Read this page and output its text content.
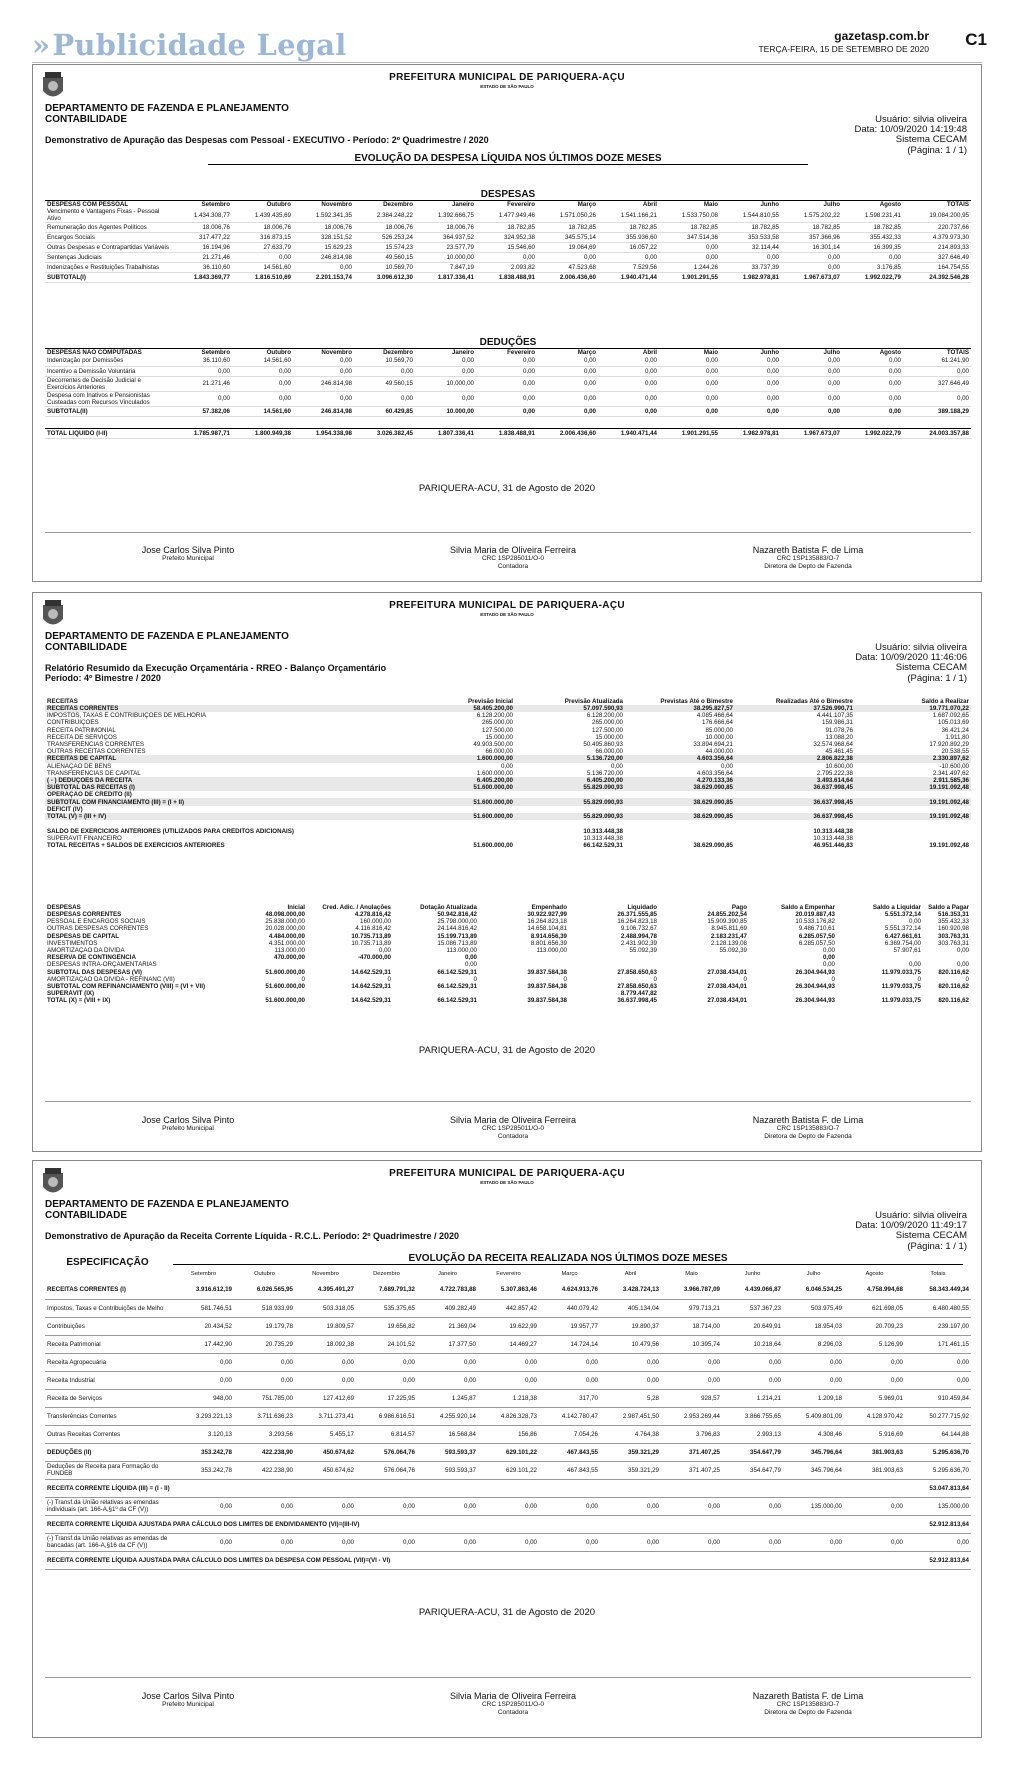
»Publicidade Legal	gazetasp.com.br
TERÇA-FEIRA, 15 DE SETEMBRO DE 2020 C1
PREFEITURA MUNICIPAL DE PARIQUERA-AÇU
ESTADO DE SÃO PAULO
DEPARTAMENTO DE FAZENDA E PLANEJAMENTO
CONTABILIDADE	Usuário: silvia oliveira
Data: 10/09/2020 14:19:48
Sistema CECAM
(Página: 1 / 1)
Demonstrativo de Apuração das Despesas com Pessoal - EXECUTIVO - Período: 2º Quadrimestre / 2020
EVOLUÇÃO DA DESPESA LÍQUIDA NOS ÚLTIMOS DOZE MESES
DESPESAS
DESPESAS COM PESSOAL	Setembro	Outubro	Novembro	Dezembro	Janeiro	Fevereiro	Março	Abril	Maio	Junho	Julho	Agosto	TOTAIS
Vencimento e Vantagens Fixas - Pessoal Ativo	1.434.308,77	1.439.435,69	1.592.341,35	2.384.248,22	1.392.666,75	1.477.949,46	1.571.050,26	1.541.166,21	1.533.750,08	1.544.810,55	1.575.202,22	1.598.231,41	19.084.200,95
Remuneração dos Agentes Políticos	18.006,76	18.006,76	18.006,76	18.006,76	18.006,76	18.782,85	18.782,85	18.782,85	18.782,85	18.782,85	18.782,85	18.782,85	220.737,66
Encargos Sociais	317.477,22	316.873,15	328.151,52	526.253,24	364.937,52	324.952,38	345.575,14	355.936,60	347.514,36	353.533,58	357.366,96	355.432,33	4.379.973,30
Outras Despesas e Contrapartidas Variáveis	16.194,96	27.633,79	15.629,23	15.574,23	23.577,79	15.546,60	19.064,69	16.057,22	0,00	32.114,44	16.301,14	16.399,35	214.893,33
Sentenças Judiciais	21.271,46	0,00	246.814,98	49.560,15	10.000,00	0,00	0,00	0,00	0,00	0,00	0,00	0,00	327.646,49
Indenizações e Restituições Trabalhistas	36.110,60	14.561,60	0,00	10.569,70	7.847,19	2.093,82	47.523,68	7.529,56	1.244,26	33.737,39	0,00	3.176,85	164.754,55
SUBTOTAL(I)	1.843.369,77	1.816.510,69	2.201.153,74	3.096.612,30	1.817.336,41	1.838.488,91	2.006.436,60	1.940.471,44	1.901.291,55	1.982.978,81	1.967.673,07	1.992.022,79	24.392.546,28
DEDUÇÕES
DESPESAS NÃO COMPUTADAS	Setembro	Outubro	Novembro	Dezembro	Janeiro	Fevereiro	Março	Abril	Maio	Junho	Julho	Agosto	TOTAIS
Indenização por Demissões	36.110,60	14.561,60	0,00	10.569,70	0,00	0,00	0,00	0,00	0,00	0,00	0,00	0,00	61.241,90
Incentivo a Demissão Voluntária	0,00	0,00	0,00	0,00	0,00	0,00	0,00	0,00	0,00	0,00	0,00	0,00	0,00
Decorrentes de Decisão Judicial e Exercícios Anteriores	21.271,46	0,00	246.814,98	49.560,15	10.000,00	0,00	0,00	0,00	0,00	0,00	0,00	0,00	327.646,49
Despesa com Inativos e Pensionistas Custeadas com Recursos Vinculados	0,00	0,00	0,00	0,00	0,00	0,00	0,00	0,00	0,00	0,00	0,00	0,00	0,00
SUBTOTAL(II)	57.382,06	14.561,60	246.814,98	60.429,85	10.000,00	0,00	0,00	0,00	0,00	0,00	0,00	0,00	389.188,29

TOTAL LIQUIDO (I-II)	1.785.987,71	1.800.949,38	1.954.338,98	3.026.382,45	1.807.336,41	1.838.488,91	2.006.436,60	1.940.471,44	1.901.291,55	1.982.978,81	1.967.673,07	1.992.022,79	24.003.357,88
PARIQUERA-ACU, 31 de Agosto de 2020
Jose Carlos Silva Pinto
Prefeito Municipal
Silvia Maria de Oliveira Ferreira
CRC 1SP285011/O-0
Contadora
Nazareth Batista F. de Lima
CRC 1SP135883/O-7
Diretora de Depto de Fazenda
PREFEITURA MUNICIPAL DE PARIQUERA-AÇU
ESTADO DE SÃO PAULO
DEPARTAMENTO DE FAZENDA E PLANEJAMENTO
CONTABILIDADE	Usuário: silvia oliveira
Data: 10/09/2020 11:46:06
Sistema CECAM
(Página: 1 / 1)
Relatório Resumido da Execução Orçamentária - RREO - Balanço Orçamentário
Período: 4º Bimestre / 2020
RECEITAS	Previsão Inicial	Previsão Atualizada	Previstas Até o Bimestre	Realizadas Até o Bimestre	Saldo a Realizar
RECEITAS CORRENTES	58.405.200,00	57.097.590,93	38.295.827,57	37.526.990,71	19.771.070,22
IMPOSTOS, TAXAS E CONTRIBUIÇÕES DE MELHORIA	6.128.200,00	6.128.200,00	4.085.466,64	4.441.107,35	1.687.092,65
CONTRIBUIÇÕES	265.000,00	265.000,00	176.666,64	159.986,31	105.013,69
RECEITA PATRIMONIAL	127.500,00	127.500,00	85.000,00	91.078,76	36.421,24
RECEITA DE SERVIÇOS	15.000,00	15.000,00	10.000,00	13.088,20	1.911,80
TRANSFERÊNCIAS CORRENTES	49.903.500,00	50.495.860,93	33.894.694,21	32.574.968,64	17.920.892,29
OUTRAS RECEITAS CORRENTES	66.000,00	66.000,00	44.000,00	45.461,45	20.538,55
RECEITAS DE CAPITAL	1.600.000,00	5.136.720,00	4.603.356,64	2.806.822,38	2.330.897,62
ALIENAÇÃO DE BENS	0,00	0,00	0,00	10.600,00	-10.600,00
TRANSFERÊNCIAS DE CAPITAL	1.600.000,00	5.136.720,00	4.603.356,64	2.795.222,38	2.341.497,62
( - ) DEDUÇÕES DA RECEITA	6.405.200,00	6.405.200,00	4.270.133,36	3.493.614,64	2.911.585,36
SUBTOTAL DAS RECEITAS (I)	51.600.000,00	55.829.090,93	38.629.090,85	36.637.998,45	19.191.092,48
OPERAÇÃO DE CRÉDITO (II)					
SUBTOTAL COM FINANCIAMENTO (III) = (I + II)	51.600.000,00	55.829.090,93	38.629.090,85	36.637.998,45	19.191.092,48
DEFICIT (IV)					
TOTAL (V) = (III + IV)	51.600.000,00	55.829.090,93	38.629.090,85	36.637.998,45	19.191.092,48

SALDO DE EXERCÍCIOS ANTERIORES (UTILIZADOS PARA CRÉDITOS ADICIONAIS)		10.313.448,38		10.313.448,38	
SUPERÁVIT FINANCEIRO		10.313.448,38		10.313.448,38	
TOTAL RECEITAS + SALDOS DE EXERCÍCIOS ANTERIORES	51.600.000,00	66.142.529,31	38.629.090,85	46.951.446,83	19.191.092,48
DESPESAS	Inicial	Cred. Adic. / Anulações	Dotação Atualizada	Empenhado	Liquidado	Pago	Saldo a Empenhar	Saldo a Liquidar	Saldo a Pagar
DESPESAS CORRENTES	48.098.000,00	4.278.816,42	50.942.816,42	30.922.927,99	26.371.555,85	24.855.202,54	20.019.887,43	5.551.372,14	516.353,31
PESSOAL E ENCARGOS SOCIAIS	25.838.000,00	160.000,00	25.798.000,00	16.264.823,18	16.264.823,18	15.909.390,85	10.533.176,82	0,00	355.432,33
OUTRAS DESPESAS CORRENTES	20.028.000,00	4.116.816,42	24.144.816,42	14.658.104,81	9.106.732,67	8.945.811,69	9.486.710,61	5.551.372,14	160.920,98
DESPESAS DE CAPITAL	4.484.000,00	10.735.713,89	15.199.713,89	8.914.656,39	2.488.994,78	2.183.231,47	6.285.057,50	6.427.661,61	303.763,31
INVESTIMENTOS	4.351.000,00	10.735.713,89	15.086.713,89	8.801.656,39	2.431.902,39	2.128.139,08	6.285.057,50	6.369.754,00	303.763,31
AMORTIZAÇÃO DA DÍVIDA	113.000,00	0,00	113.000,00	113.000,00	55.092,39	55.092,39	0,00	57.907,61	0,00
RESERVA DE CONTINGÊNCIA	470.000,00	-470.000,00	0,00				0,00		
DESPESAS INTRA-ORÇAMENTÁRIAS			0,00				0,00	0,00	0,00
SUBTOTAL DAS DESPESAS (VI)	51.600.000,00	14.642.529,31	66.142.529,31	39.837.584,38	27.858.650,63	27.038.434,01	26.304.944,93	11.979.033,75	820.116,62
AMORTIZAÇÃO DA DÍVIDA - REFINANC (VII)	0	0	0	0	0	0	0	0	0
SUBTOTAL COM REFINANCIAMENTO (VIII) = (VI + VII)	51.600.000,00	14.642.529,31	66.142.529,31	39.837.584,38	27.858.650,63	27.038.434,01	26.304.944,93	11.979.033,75	820.116,62
SUPERÁVIT (IX)					8.779.447,82				
TOTAL (X) = (VIII + IX)	51.600.000,00	14.642.529,31	66.142.529,31	39.837.584,38	36.637.998,45	27.038.434,01	26.304.944,93	11.979.033,75	820.116,62
PARIQUERA-ACU, 31 de Agosto de 2020
Jose Carlos Silva Pinto
Prefeito Municipal
Silvia Maria de Oliveira Ferreira
CRC 1SP285011/O-0
Contadora
Nazareth Batista F. de Lima
CRC 1SP135883/O-7
Diretora de Depto de Fazenda
PREFEITURA MUNICIPAL DE PARIQUERA-AÇU
ESTADO DE SÃO PAULO
DEPARTAMENTO DE FAZENDA E PLANEJAMENTO
CONTABILIDADE	Usuário: silvia oliveira
Data: 10/09/2020 11:49:17
Sistema CECAM
(Página: 1 / 1)
Demonstrativo de Apuração da Receita Corrente Líquida - R.C.L. Período: 2º Quadrimestre / 2020
ESPECIFICAÇÃO	EVOLUÇÃO DA RECEITA REALIZADA NOS ÚLTIMOS DOZE MESES
	Setembro	Outubro	Novembro	Dezembro	Janeiro	Fevereiro	Março	Abril	Maio	Junho	Julho	Agosto	Totais
RECEITAS CORRENTES (I)	3.916.612,19	6.026.565,95	4.395.491,27	7.689.791,32	4.722.783,88	5.307.863,46	4.624.913,76	3.428.724,13	3.966.787,09	4.439.066,87	6.046.534,25	4.758.994,68	58.343.449,34
Impostos, Taxas e Contribuições de Melho	581.746,51	518.933,99	503.318,05	535.375,65	409.282,49	442.857,42	440.079,42	405.134,04	979.713,21	537.367,23	503.975,49	621.698,05	6.480.480,55
Contribuições	20.434,52	19.179,78	19.809,57	19.656,82	21.369,04	19.622,99	19.957,77	19.890,37	18.714,00	20.649,91	18.954,03	20.709,23	239.197,00
Receita Patrimonial	17.442,90	20.735,29	18.092,38	24.101,52	17.377,50	14.469,27	14.724,14	10.479,56	10.395,74	10.218,64	8.296,03	5.126,99	171.461,15
Receita Agropecuária	0,00	0,00	0,00	0,00	0,00	0,00	0,00	0,00	0,00	0,00	0,00	0,00	0,00
Receita Industrial	0,00	0,00	0,00	0,00	0,00	0,00	0,00	0,00	0,00	0,00	0,00	0,00	0,00
Receita de Serviços	948,00	751.785,00	127.412,69	17.225,95	1.245,87	1.218,38	317,70	5,28	928,57	1.214,21	1.209,18	5.969,01	910.459,84
Transferências Correntes	3.293.221,13	3.711.636,23	3.711.273,41	6.986.616,51	4.255.920,14	4.826.328,73	4.142.780,47	2.987.451,50	2.953.269,44	3.866.755,65	5.409.801,09	4.128.970,42	50.277.715,92
Outras Receitas Correntes	3.120,13	3.293,56	5.455,17	6.814,57	16.568,84	156,86	7.054,26	4.764,38	3.796,83	2.993,13	4.308,46	5.916,69	64.144,88
DEDUÇÕES (II)	353.242,78	422.238,90	450.674,62	576.064,76	593.593,37	629.101,22	467.843,55	359.321,29	371.407,25	354.647,79	345.796,64	381.903,63	5.295.636,70
Deduções de Receita para Formação do FUNDEB	353.242,78	422.238,90	450.674,62	576.064,76	593.593,37	629.101,22	467.843,55	359.321,29	371.407,25	354.647,79	345.796,64	381.903,63	5.295.636,70
RECEITA CORRENTE LÍQUIDA (III) = (I - II)													53.047.813,64
(-) Transf.da União relativas as emendas individuais (art. 166-A,§1º da CF (V))	0,00	0,00	0,00	0,00	0,00	0,00	0,00	0,00	0,00	0,00	135.000,00	0,00	135.000,00
RECEITA CORRENTE LÍQUIDA AJUSTADA PARA CÁLCULO DOS LIMITES DE ENDIVIDAMENTO (VI)=(III-IV)													52.912.813,64
(-) Transf.da União relativas as emendas de bancadas (art. 166-A,§16 da CF (V))	0,00	0,00	0,00	0,00	0,00	0,00	0,00	0,00	0,00	0,00	0,00	0,00	0,00
RECEITA CORRENTE LÍQUIDA AJUSTADA PARA CÁLCULO DOS LIMITES DA DESPESA COM PESSOAL (VII)=(VI - VI)													52.912.813,64
PARIQUERA-ACU, 31 de Agosto de 2020
Jose Carlos Silva Pinto
Prefeito Municipal
Silvia Maria de Oliveira Ferreira
CRC 1SP285011/O-0
Contadora
Nazareth Batista F. de Lima
CRC 1SP135883/O-7
Diretora de Depto de Fazenda
